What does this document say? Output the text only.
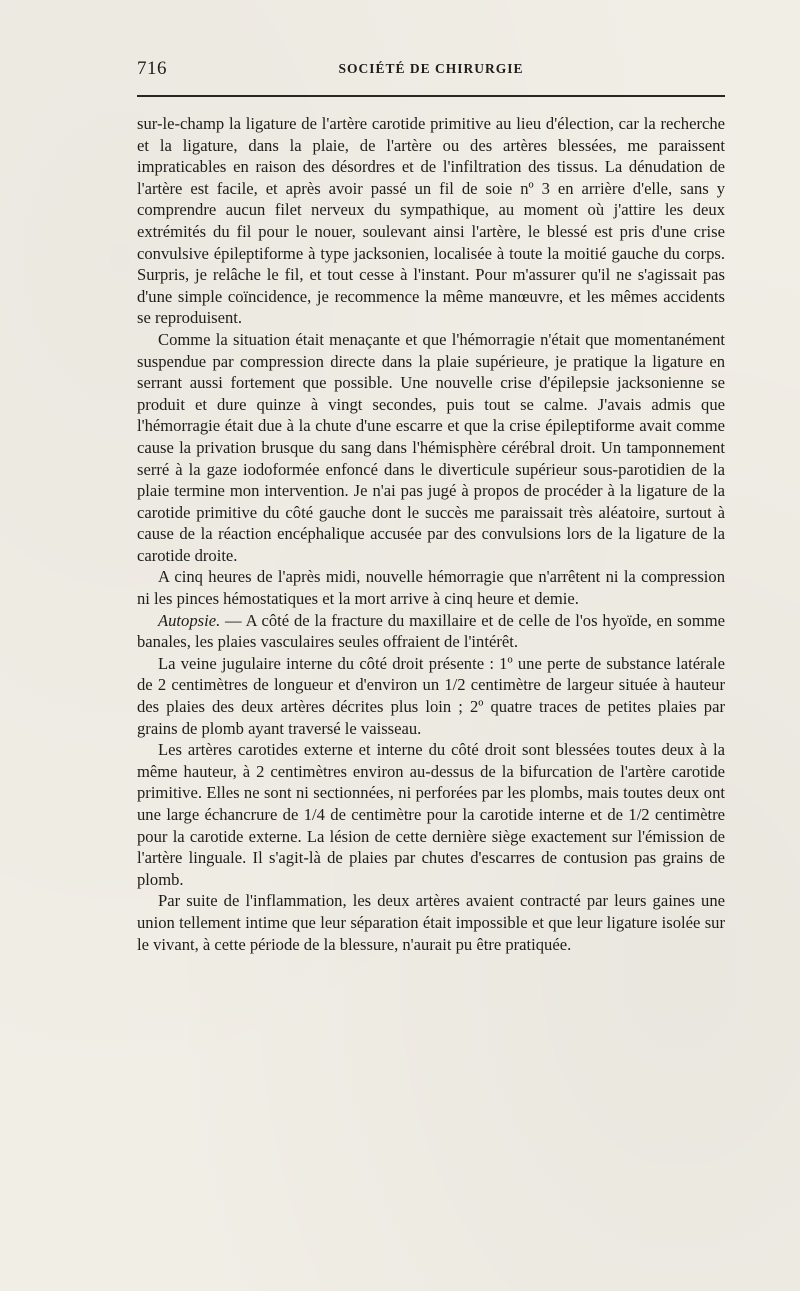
716	SOCIÉTÉ DE CHIRURGIE

sur-le-champ la ligature de l'artère carotide primitive au lieu d'élection, car la recherche et la ligature, dans la plaie, de l'artère ou des artères blessées, me paraissent impraticables en raison des désordres et de l'infiltration des tissus. La dénudation de l'artère est facile, et après avoir passé un fil de soie nº 3 en arrière d'elle, sans y comprendre aucun filet nerveux du sympathique, au moment où j'attire les deux extrémités du fil pour le nouer, soulevant ainsi l'artère, le blessé est pris d'une crise convulsive épileptiforme à type jacksonien, localisée à toute la moitié gauche du corps. Surpris, je relâche le fil, et tout cesse à l'instant. Pour m'assurer qu'il ne s'agissait pas d'une simple coïncidence, je recommence la même manœuvre, et les mêmes accidents se reproduisent.

Comme la situation était menaçante et que l'hémorragie n'était que momentanément suspendue par compression directe dans la plaie supérieure, je pratique la ligature en serrant aussi fortement que possible. Une nouvelle crise d'épilepsie jacksonienne se produit et dure quinze à vingt secondes, puis tout se calme. J'avais admis que l'hémorragie était due à la chute d'une escarre et que la crise épileptiforme avait comme cause la privation brusque du sang dans l'hémisphère cérébral droit. Un tamponnement serré à la gaze iodoformée enfoncé dans le diverticule supérieur sous-parotidien de la plaie termine mon intervention. Je n'ai pas jugé à propos de procéder à la ligature de la carotide primitive du côté gauche dont le succès me paraissait très aléatoire, surtout à cause de la réaction encéphalique accusée par des convulsions lors de la ligature de la carotide droite.

A cinq heures de l'après midi, nouvelle hémorragie que n'arrêtent ni la compression ni les pinces hémostatiques et la mort arrive à cinq heure et demie.

Autopsie. — A côté de la fracture du maxillaire et de celle de l'os hyoïde, en somme banales, les plaies vasculaires seules offraient de l'intérêt.

La veine jugulaire interne du côté droit présente : 1º une perte de substance latérale de 2 centimètres de longueur et d'environ un 1/2 centimètre de largeur située à hauteur des plaies des deux artères décrites plus loin ; 2º quatre traces de petites plaies par grains de plomb ayant traversé le vaisseau.

Les artères carotides externe et interne du côté droit sont blessées toutes deux à la même hauteur, à 2 centimètres environ au-dessus de la bifurcation de l'artère carotide primitive. Elles ne sont ni sectionnées, ni perforées par les plombs, mais toutes deux ont une large échancrure de 1/4 de centimètre pour la carotide interne et de 1/2 centimètre pour la carotide externe. La lésion de cette dernière siège exactement sur l'émission de l'artère linguale. Il s'agit-là de plaies par chutes d'escarres de contusion pas grains de plomb.

Par suite de l'inflammation, les deux artères avaient contracté par leurs gaines une union tellement intime que leur séparation était impossible et que leur ligature isolée sur le vivant, à cette période de la blessure, n'aurait pu être pratiquée.
